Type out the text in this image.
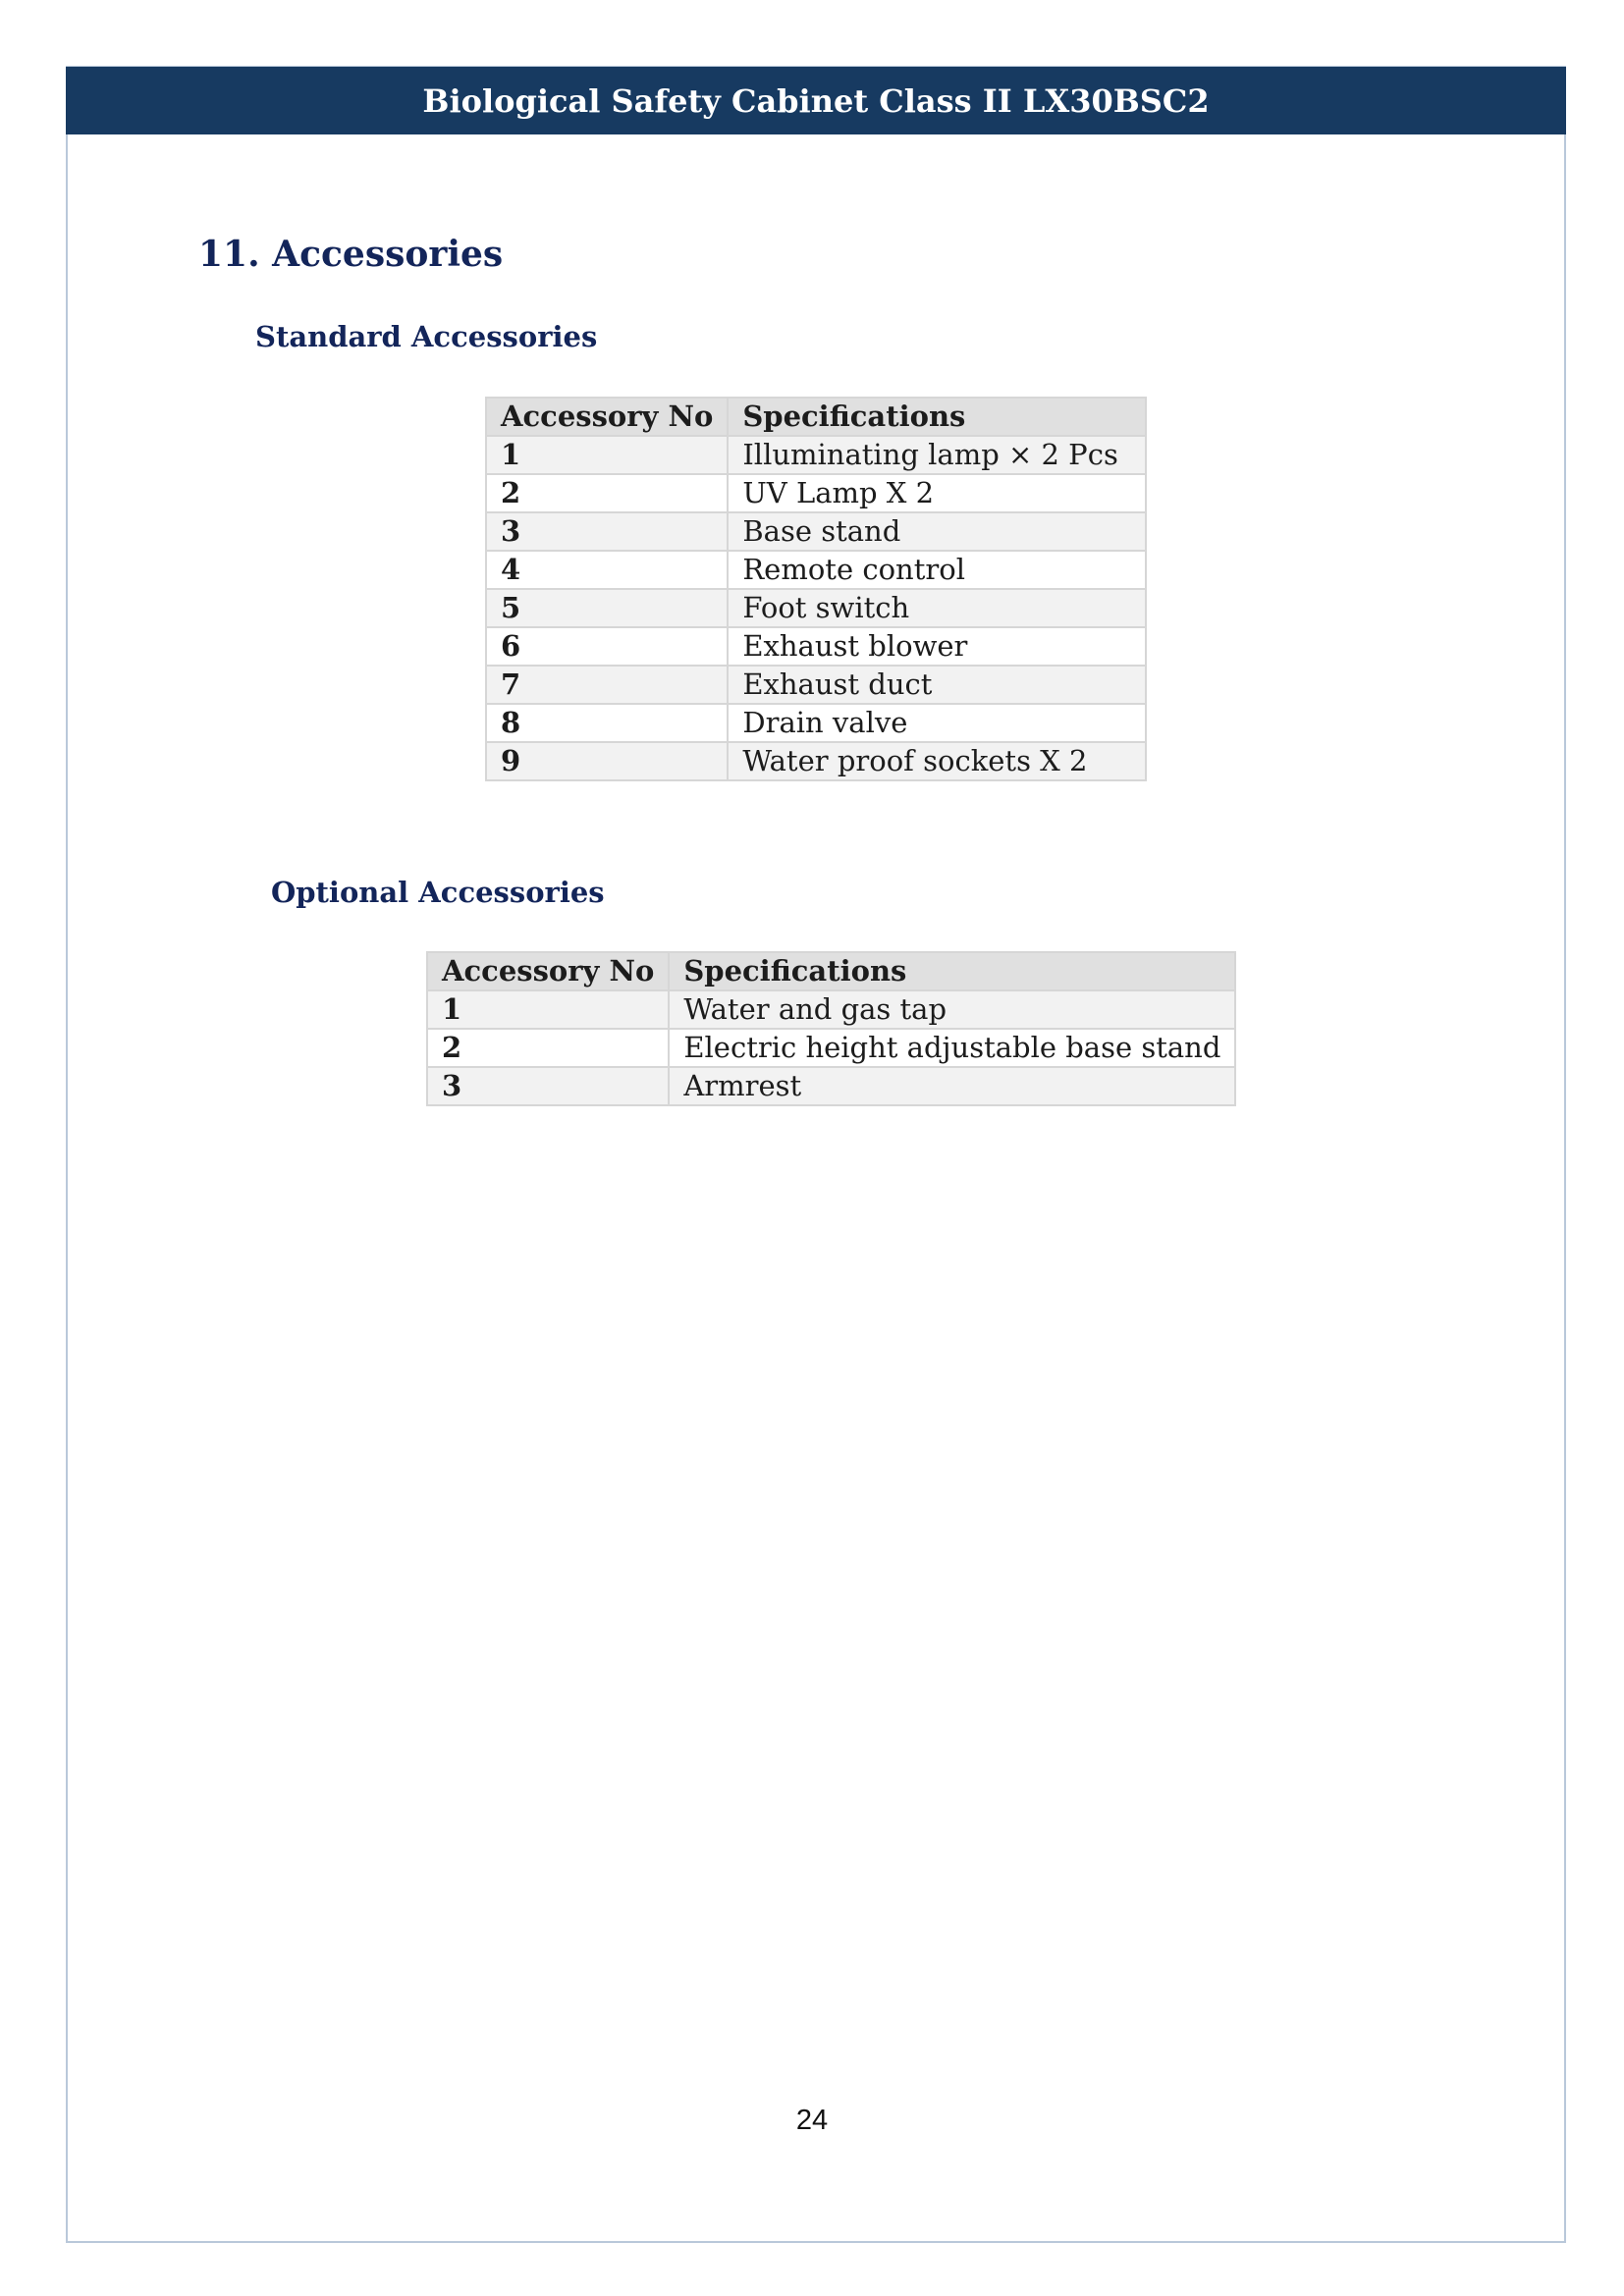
Biological Safety Cabinet Class II LX30BSC2
11. Accessories
Standard Accessories
Accessory No	Specifications
1	Illuminating lamp × 2 Pcs
2	UV Lamp X 2
3	Base stand
4	Remote control
5	Foot switch
6	Exhaust blower
7	Exhaust duct
8	Drain valve
9	Water proof sockets X 2
Optional Accessories
Accessory No	Specifications
1	Water and gas tap
2	Electric height adjustable base stand
3	Armrest
24
